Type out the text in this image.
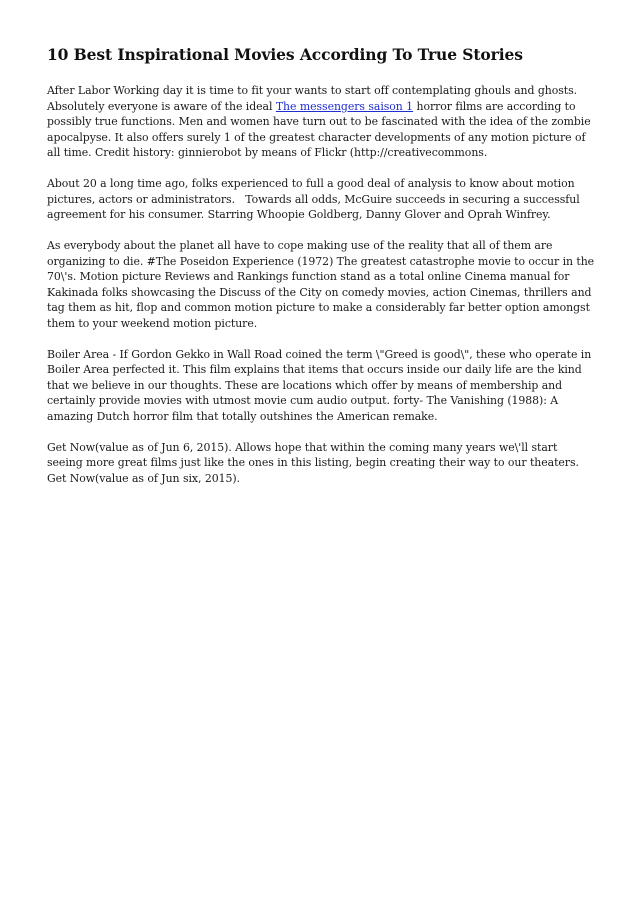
10 Best Inspirational Movies According To True Stories

After Labor Working day it is time to fit your wants to start off contemplating ghouls and ghosts. Absolutely everyone is aware of the ideal The messengers saison 1 horror films are according to possibly true functions. Men and women have turn out to be fascinated with the idea of the zombie apocalpyse. It also offers surely 1 of the greatest character developments of any motion picture of all time. Credit history: ginnierobot by means of Flickr (http://creativecommons.

About 20 a long time ago, folks experienced to full a good deal of analysis to know about motion pictures, actors or administrators.   Towards all odds, McGuire succeeds in securing a successful agreement for his consumer. Starring Whoopie Goldberg, Danny Glover and Oprah Winfrey.

As everybody about the planet all have to cope making use of the reality that all of them are organizing to die. #The Poseidon Experience (1972) The greatest catastrophe movie to occur in the 70\'s. Motion picture Reviews and Rankings function stand as a total online Cinema manual for Kakinada folks showcasing the Discuss of the City on comedy movies, action Cinemas, thrillers and tag them as hit, flop and common motion picture to make a considerably far better option amongst them to your weekend motion picture.

Boiler Area - If Gordon Gekko in Wall Road coined the term \"Greed is good\", these who operate in Boiler Area perfected it. This film explains that items that occurs inside our daily life are the kind that we believe in our thoughts. These are locations which offer by means of membership and certainly provide movies with utmost movie cum audio output. forty- The Vanishing (1988): A amazing Dutch horror film that totally outshines the American remake.

Get Now(value as of Jun 6, 2015). Allows hope that within the coming many years we\'ll start seeing more great films just like the ones in this listing, begin creating their way to our theaters. Get Now(value as of Jun six, 2015).
